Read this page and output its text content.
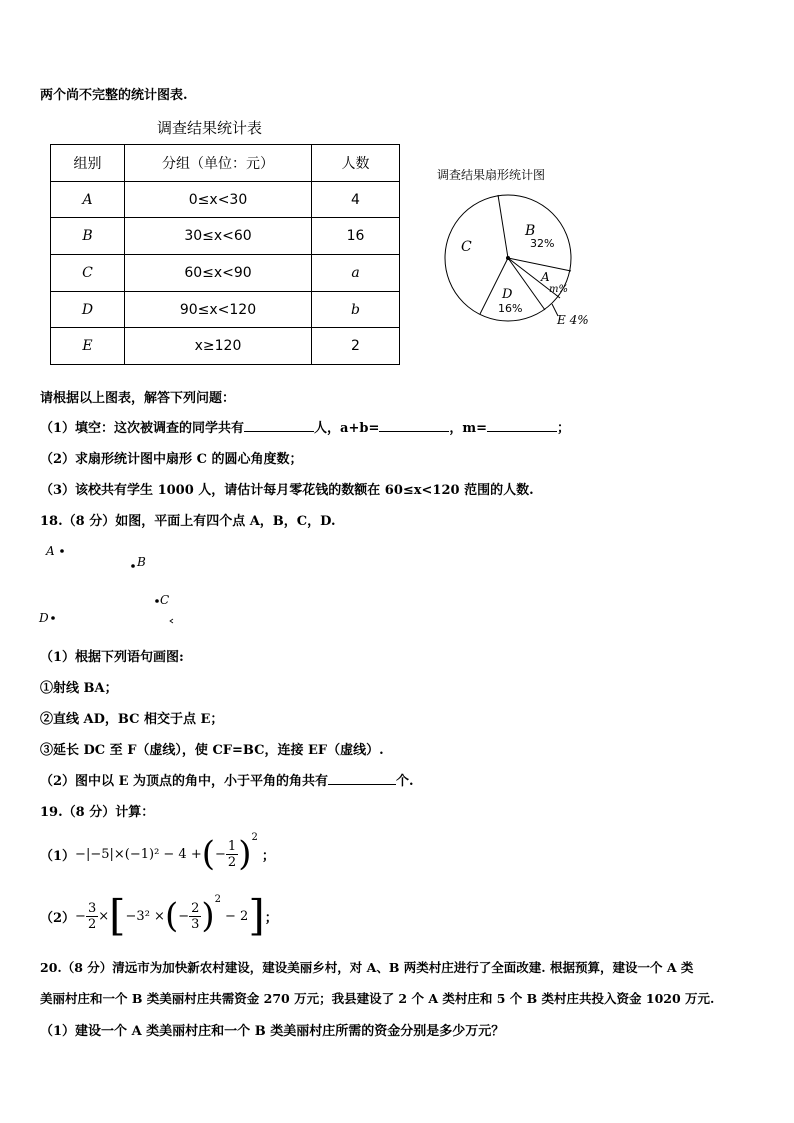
两个尚不完整的统计图表.
调查结果统计表
组别	分组（单位：元）	人数
A	0≤x<30	4
B	30≤x<60	16
C	60≤x<90	a
D	90≤x<120	b
E	x≥120	2
调查结果扇形统计图
C
B
32%
A
m%
D
16%
E 4%
请根据以上图表，解答下列问题：
（1）填空：这次被调查的同学共有	人，a+b=	，m=	；
（2）求扇形统计图中扇形 C 的圆心角度数；
（3）该校共有学生 1000 人，请估计每月零花钱的数额在 60≤x<120 范围的人数.
18.（8 分）如图，平面上有四个点 A，B，C，D.
A
B
C
D
（1）根据下列语句画图:
①射线 BA；
②直线 AD，BC 相交于点 E；
③延长 DC 至 F（虚线），使 CF=BC，连接 EF（虚线）.
（2）图中以 E 为顶点的角中，小于平角的角共有	个.
19.（8 分）计算：
（1） −|−5|×(−1)² − 4 + ( − $\frac{1}{2}$ ) 2
；
$(2) - \frac{3}{2}$ × [ −3² × ( − $\frac{2}{3}$ ) 2
− 2 ] ；
20.（8 分）清远市为加快新农村建设，建设美丽乡村，对 A、B 两类村庄进行了全面改建. 根据预算，建设一个 A 类
美丽村庄和一个 B 类美丽村庄共需资金 270 万元；我县建设了 2 个 A 类村庄和 5 个 B 类村庄共投入资金 1020 万元.
（1）建设一个 A 类美丽村庄和一个 B 类美丽村庄所需的资金分别是多少万元？
